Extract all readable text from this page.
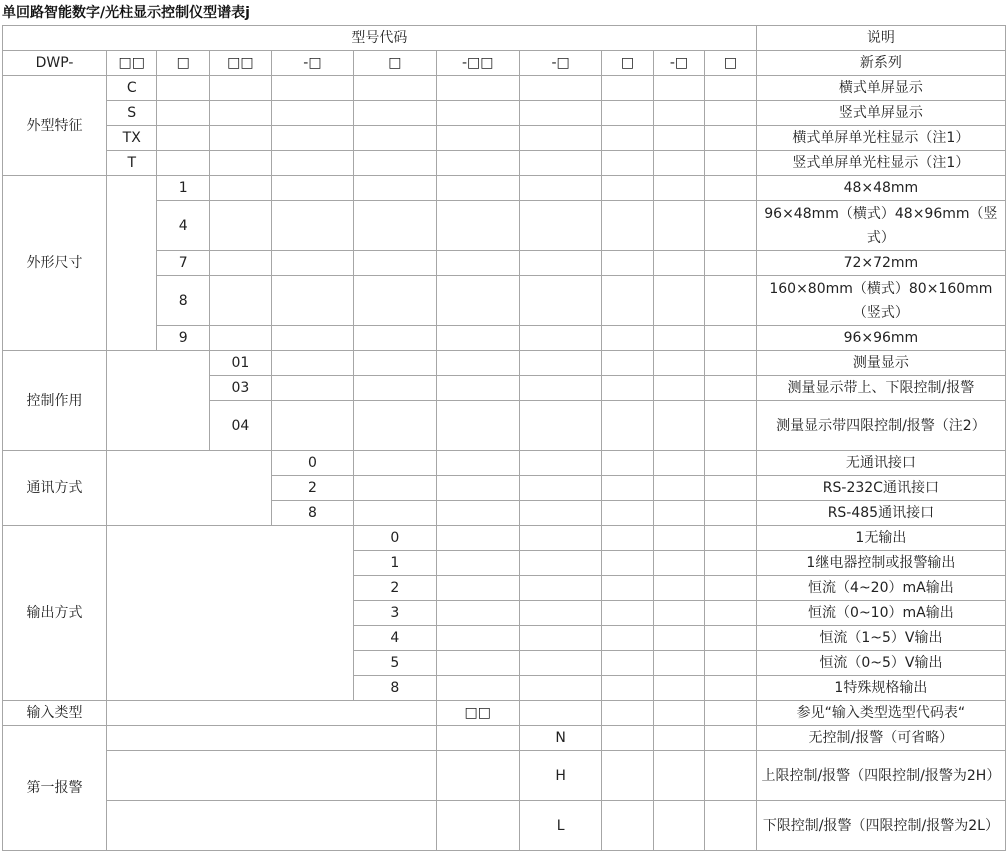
单回路智能数字/光柱显示控制仪型谱表j
型号代码											说明
DWP-	□□	□	□□	-□	□	-□□	-□	□	-□	□	新系列
外型特征	C										横式单屏显示
	S										竖式单屏显示
	TX										横式单屏单光柱显示（注1）
	T										竖式单屏单光柱显示（注1）
外形尺寸		1									48×48mm
		4									96×48mm（横式）48×96mm（竖式）
		7									72×72mm
		8									160×80mm（横式）80×160mm（竖式）
		9									96×96mm
控制作用			01								测量显示
			03								测量显示带上、下限控制/报警
			04								测量显示带四限控制/报警（注2）
通讯方式				0							无通讯接口
				2							RS-232C通讯接口
				8							RS-485通讯接口
输出方式					0						1无输出
					1						1继电器控制或报警输出
					2						恒流（4~20）mA输出
					3						恒流（0~10）mA输出
					4						恒流（1~5）V输出
					5						恒流（0~5）V输出
					8						1特殊规格输出
输入类型						□□					参见“输入类型选型代码表“
第一报警							N				无控制/报警（可省略）
							H				上限控制/报警（四限控制/报警为2H）
							L				下限控制/报警（四限控制/报警为2L）
